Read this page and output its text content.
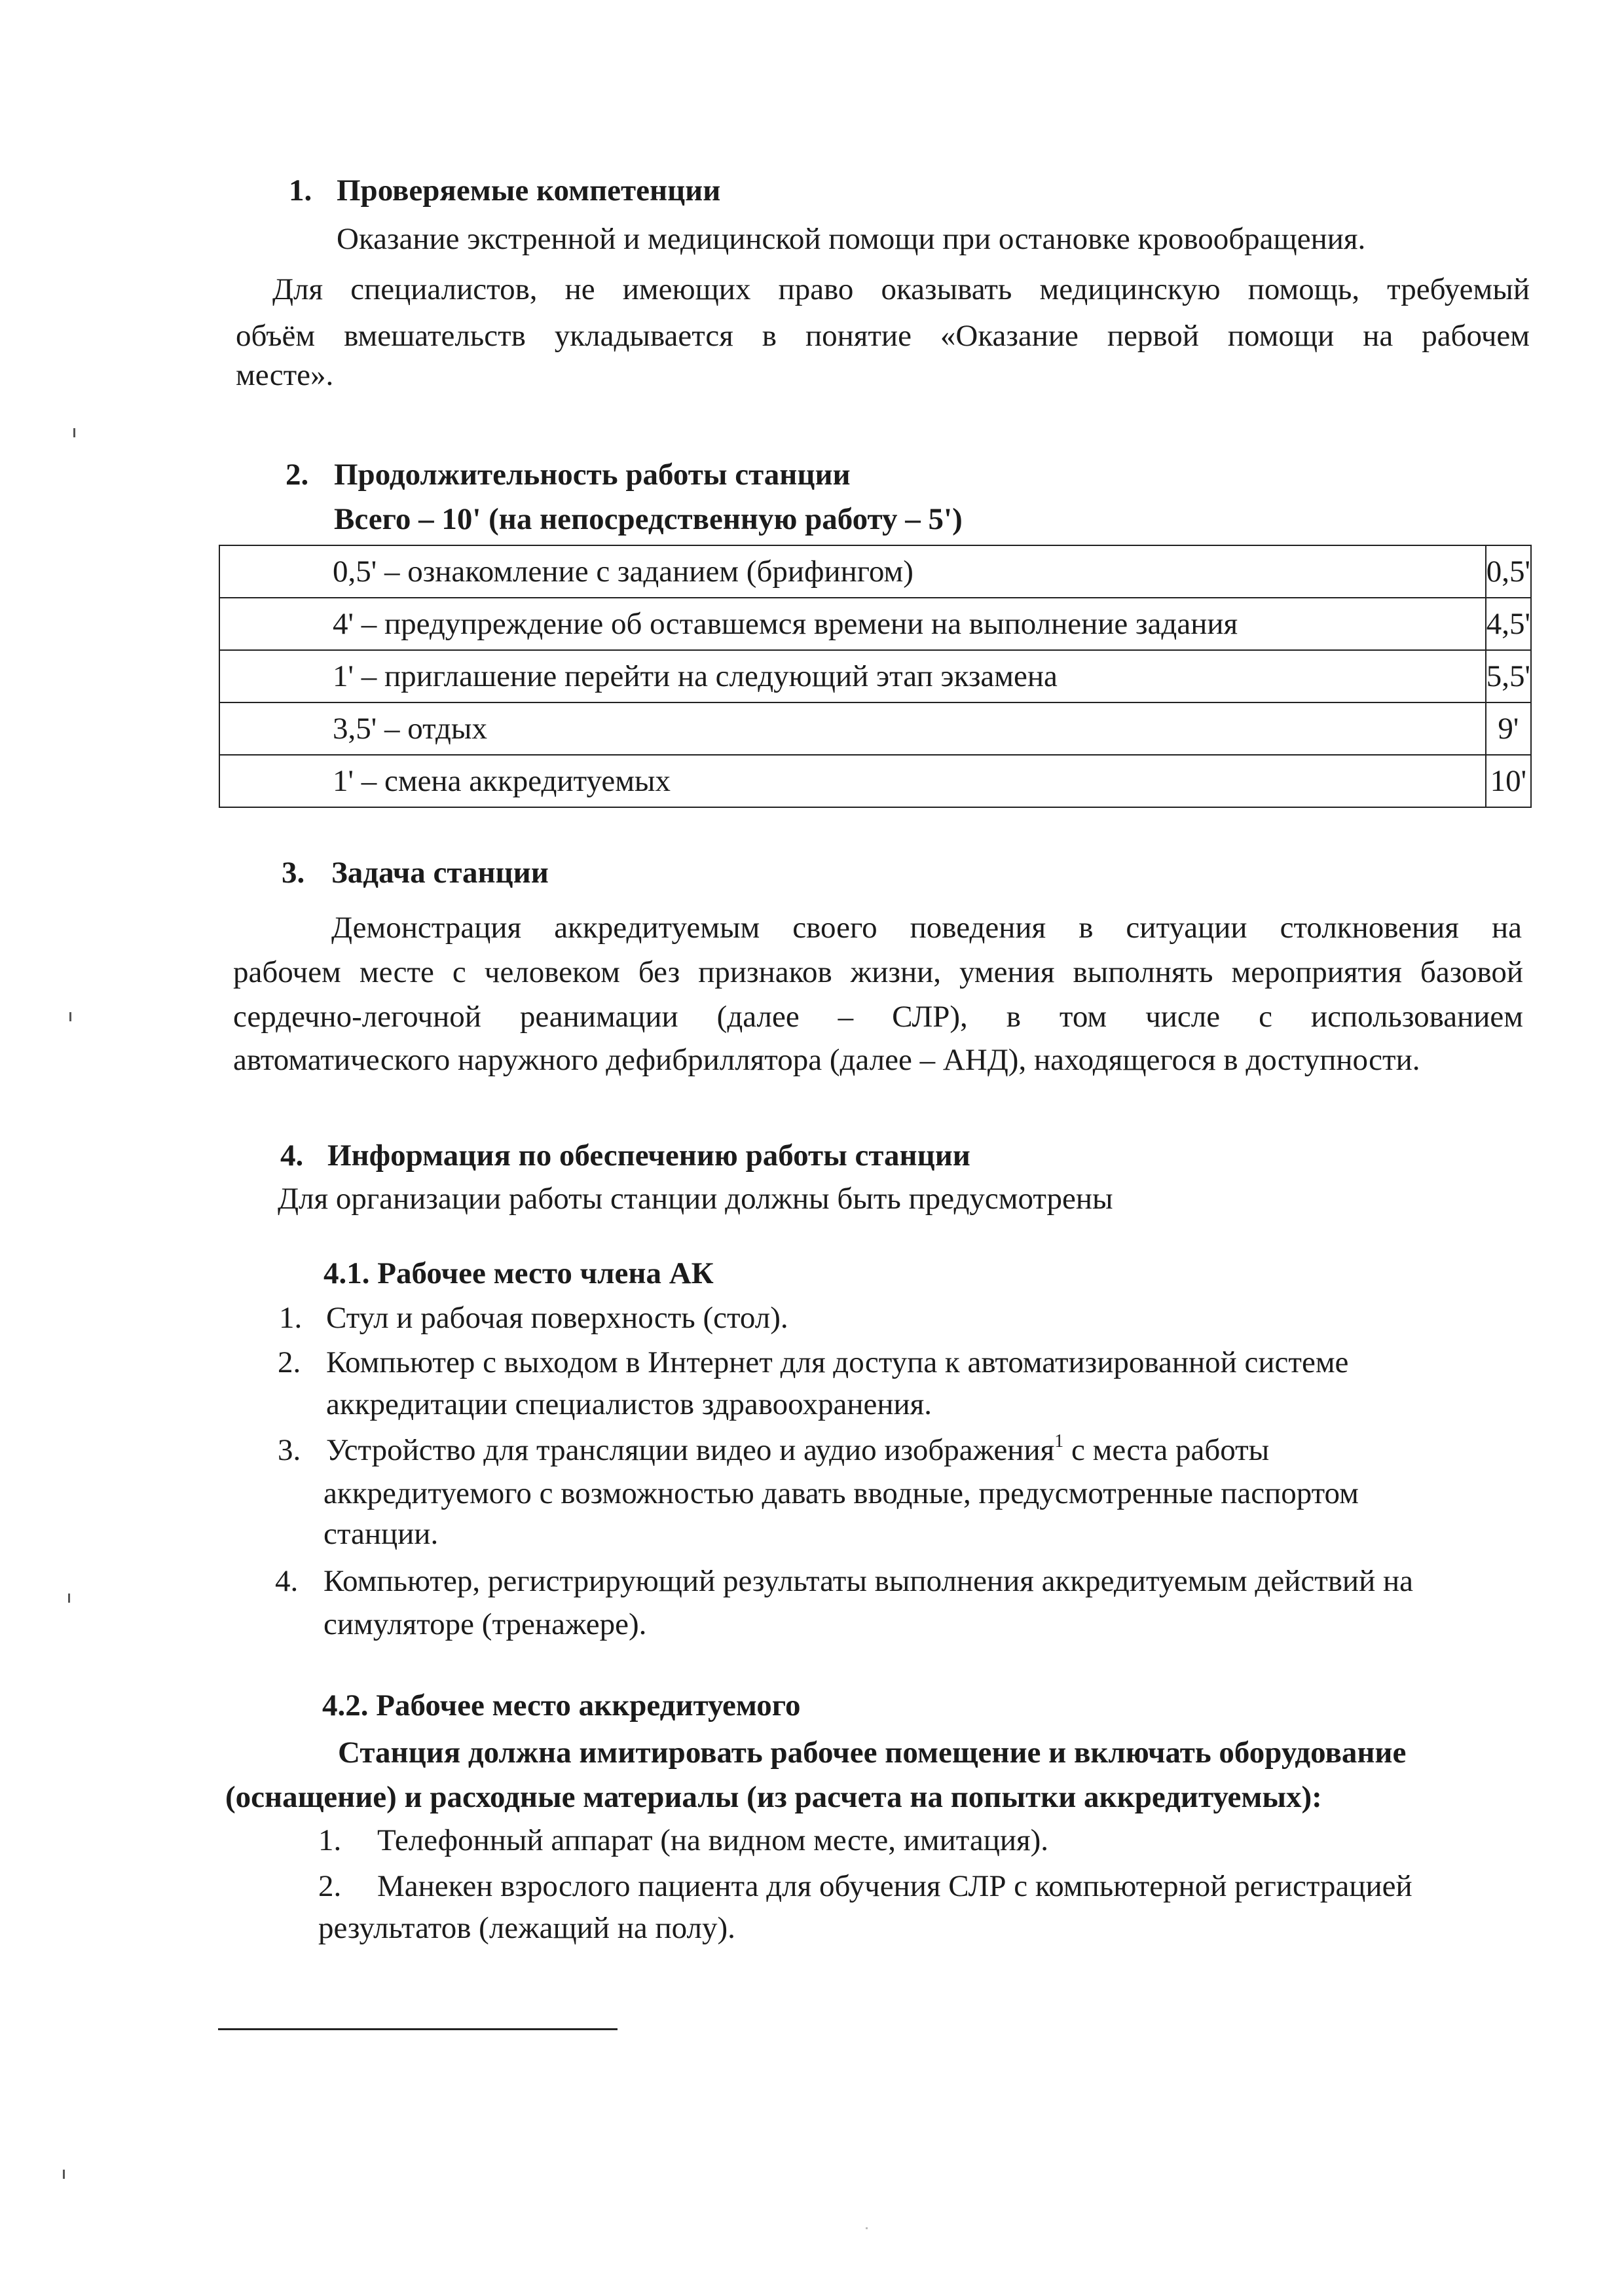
1. Проверяемые компетенции
Оказание экстренной и медицинской помощи при остановке кровообращения.
Для специалистов, не имеющих право оказывать медицинскую помощь, требуемый
объём вмешательств укладывается в понятие «Оказание первой помощи на рабочем
месте».
2. Продолжительность работы станции
Всего – 10' (на непосредственную работу – 5')
0,5' – ознакомление с заданием (брифингом)	0,5'
4' – предупреждение об оставшемся времени на выполнение задания	4,5'
1' – приглашение перейти на следующий этап экзамена	5,5'
3,5' – отдых	9'
1' – смена аккредитуемых	10'
3. Задача станции
Демонстрация аккредитуемым своего поведения в ситуации столкновения на
рабочем месте с человеком без признаков жизни, умения выполнять мероприятия базовой
сердечно-легочной реанимации (далее – СЛР), в том числе с использованием
автоматического наружного дефибриллятора (далее – АНД), находящегося в доступности.
4. Информация по обеспечению работы станции
Для организации работы станции должны быть предусмотрены
4.1. Рабочее место члена АК
1. Стул и рабочая поверхность (стол).
2. Компьютер с выходом в Интернет для доступа к автоматизированной системе
аккредитации специалистов здравоохранения.
3. Устройство для трансляции видео и аудио изображения$^1$ с места работы
аккредитуемого с возможностью давать вводные, предусмотренные паспортом
станции.
4. Компьютер, регистрирующий результаты выполнения аккредитуемым действий на
симуляторе (тренажере).
4.2. Рабочее место аккредитуемого
Станция должна имитировать рабочее помещение и включать оборудование
(оснащение) и расходные материалы (из расчета на попытки аккредитуемых):
1. Телефонный аппарат (на видном месте, имитация).
2. Манекен взрослого пациента для обучения СЛР с компьютерной регистрацией
результатов (лежащий на полу).
